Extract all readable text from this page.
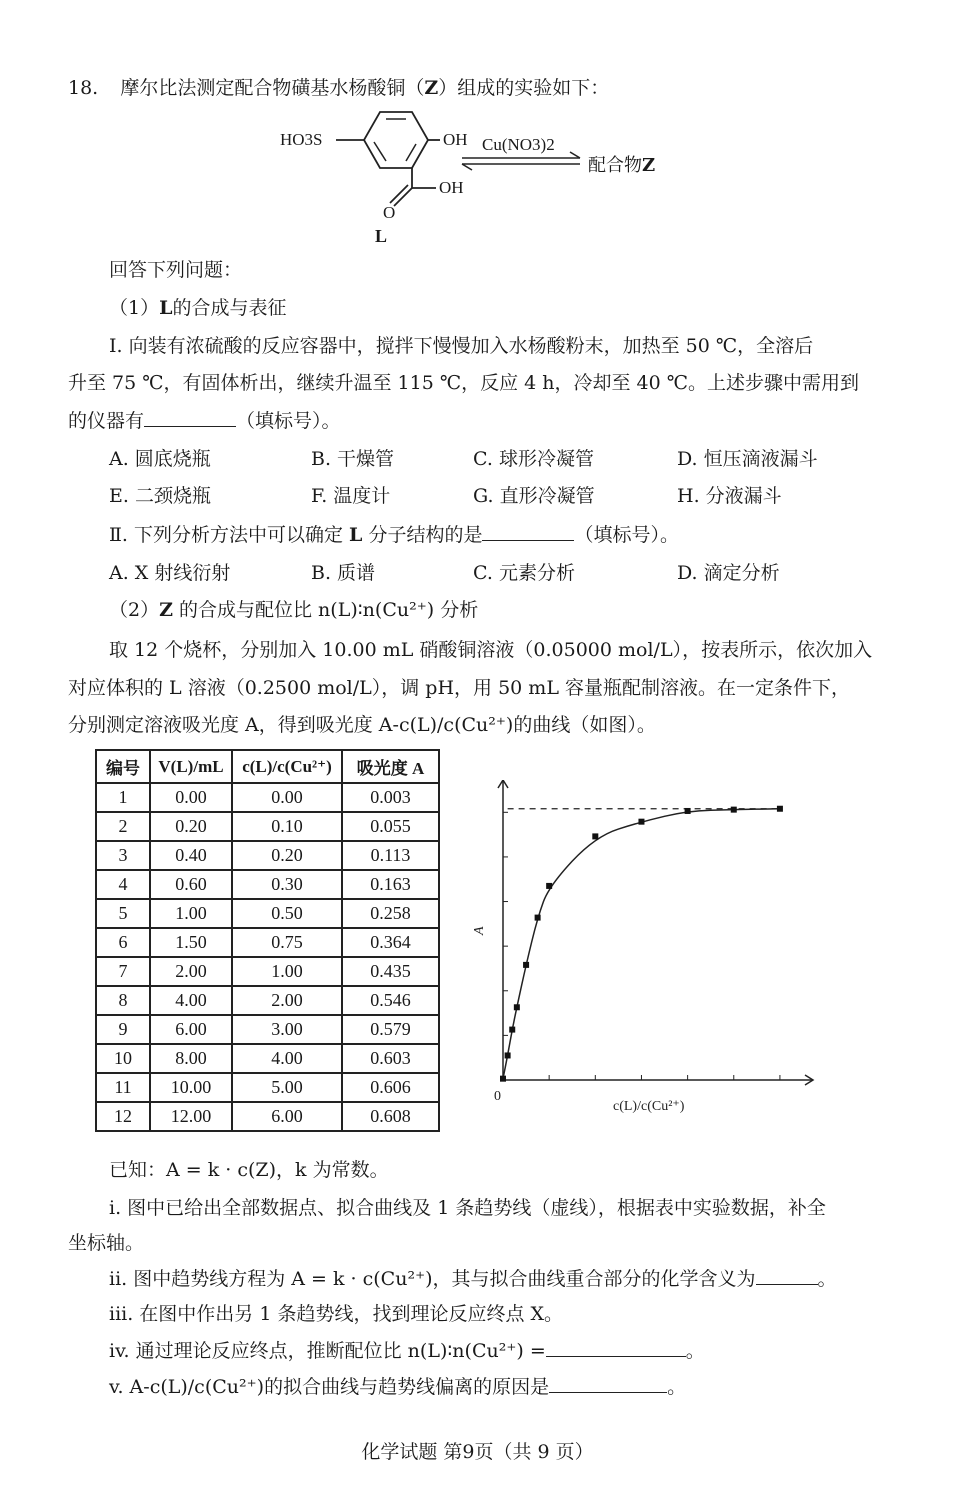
18. 摩尔比法测定配合物磺基水杨酸铜（Z）组成的实验如下：
HO3S	OH
OH
O
L
Cu(NO3)2
配合物Z
回答下列问题：
（1）L的合成与表征
Ⅰ. 向装有浓硫酸的反应容器中，搅拌下慢慢加入水杨酸粉末，加热至 50 ℃，全溶后
升至 75 ℃，有固体析出，继续升温至 115 ℃，反应 4 h，冷却至 40 ℃。上述步骤中需用到
的仪器有	（填标号）。
A. 圆底烧瓶	B. 干燥管	C. 球形冷凝管	D. 恒压滴液漏斗
E. 二颈烧瓶	F. 温度计	G. 直形冷凝管	H. 分液漏斗
Ⅱ. 下列分析方法中可以确定 L 分子结构的是	（填标号）。
A. X 射线衍射	B. 质谱	C. 元素分析	D. 滴定分析
（2）Z 的合成与配位比 n(L)∶n(Cu²⁺) 分析
取 12 个烧杯，分别加入 10.00 mL 硝酸铜溶液（0.05000 mol/L），按表所示，依次加入
对应体积的 L 溶液（0.2500 mol/L），调 pH，用 50 mL 容量瓶配制溶液。在一定条件下，
分别测定溶液吸光度 A，得到吸光度 A-c(L)/c(Cu²⁺)的曲线（如图）。
编号	V(L)/mL	c(L)/c(Cu²⁺)	吸光度 A
1	0.00	0.00	0.003
2	0.20	0.10	0.055
3	0.40	0.20	0.113
4	0.60	0.30	0.163
5	1.00	0.50	0.258
6	1.50	0.75	0.364
7	2.00	1.00	0.435
8	4.00	2.00	0.546
9	6.00	3.00	0.579
10	8.00	4.00	0.603
11	10.00	5.00	0.606
12	12.00	6.00	0.608
0
c(L)/c(Cu²⁺)
A
已知：A = k · c(Z)，k 为常数。
i. 图中已给出全部数据点、拟合曲线及 1 条趋势线（虚线），根据表中实验数据，补全
坐标轴。
ii. 图中趋势线方程为 A = k · c(Cu²⁺)，其与拟合曲线重合部分的化学含义为	。
iii. 在图中作出另 1 条趋势线，找到理论反应终点 X。
iv. 通过理论反应终点，推断配位比 n(L)∶n(Cu²⁺) =	。
v. A-c(L)/c(Cu²⁺)的拟合曲线与趋势线偏离的原因是	。
化学试题 第9页（共 9 页）
